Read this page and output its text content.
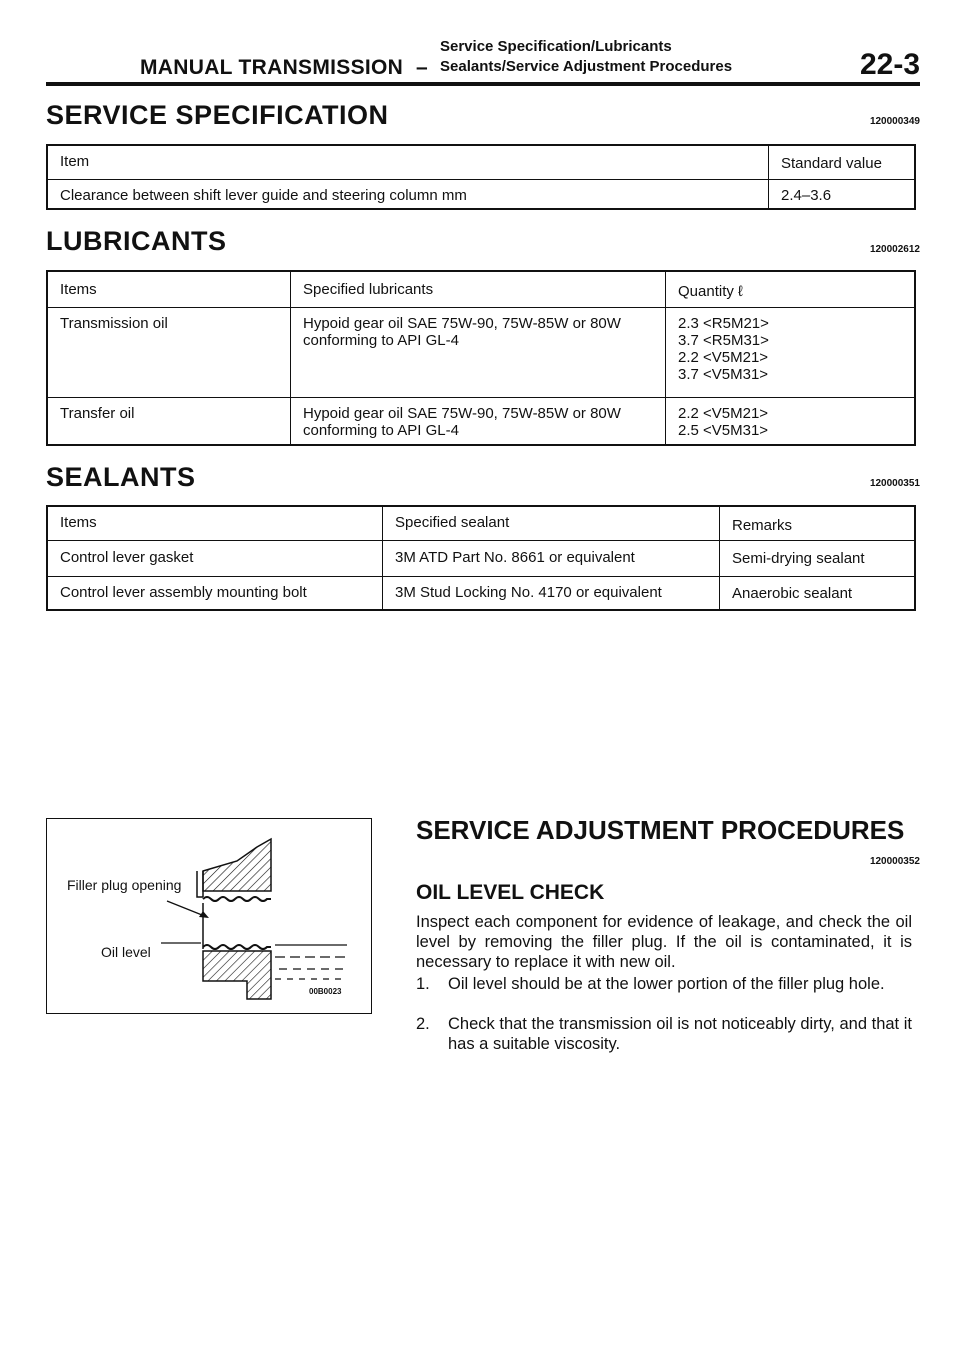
MANUAL TRANSMISSION –
Service Specification/Lubricants
Sealants/Service Adjustment Procedures	22-3
SERVICE SPECIFICATION	120000349
Item	Standard value
Clearance between shift lever guide and steering column mm	2.4–3.6
LUBRICANTS	120002612
Items	Specified lubricants	Quantity ℓ
Transmission oil	Hypoid gear oil SAE 75W-90, 75W-85W or 80W conforming to API GL-4	2.3 <R5M21>
3.7 <R5M31>
2.2 <V5M21>
3.7 <V5M31>

Transfer oil	Hypoid gear oil SAE 75W-90, 75W-85W or 80W conforming to API GL-4	2.2 <V5M21>
2.5 <V5M31>
SEALANTS	120000351
Items	Specified sealant	Remarks
Control lever gasket	3M ATD Part No. 8661 or equivalent	Semi-drying sealant
Control lever assembly mounting bolt	3M Stud Locking No. 4170 or equivalent	Anaerobic sealant
Filler plug opening
Oil level
00B0023
SERVICE ADJUSTMENT PROCEDURES
120000352
OIL LEVEL CHECK
Inspect each component for evidence of leakage, and check the oil level by removing the filler plug. If the oil is contaminated, it is necessary to replace it with new oil.
1.	Oil level should be at the lower portion of the filler plug hole.
2.	Check that the transmission oil is not noticeably dirty, and that it has a suitable viscosity.
